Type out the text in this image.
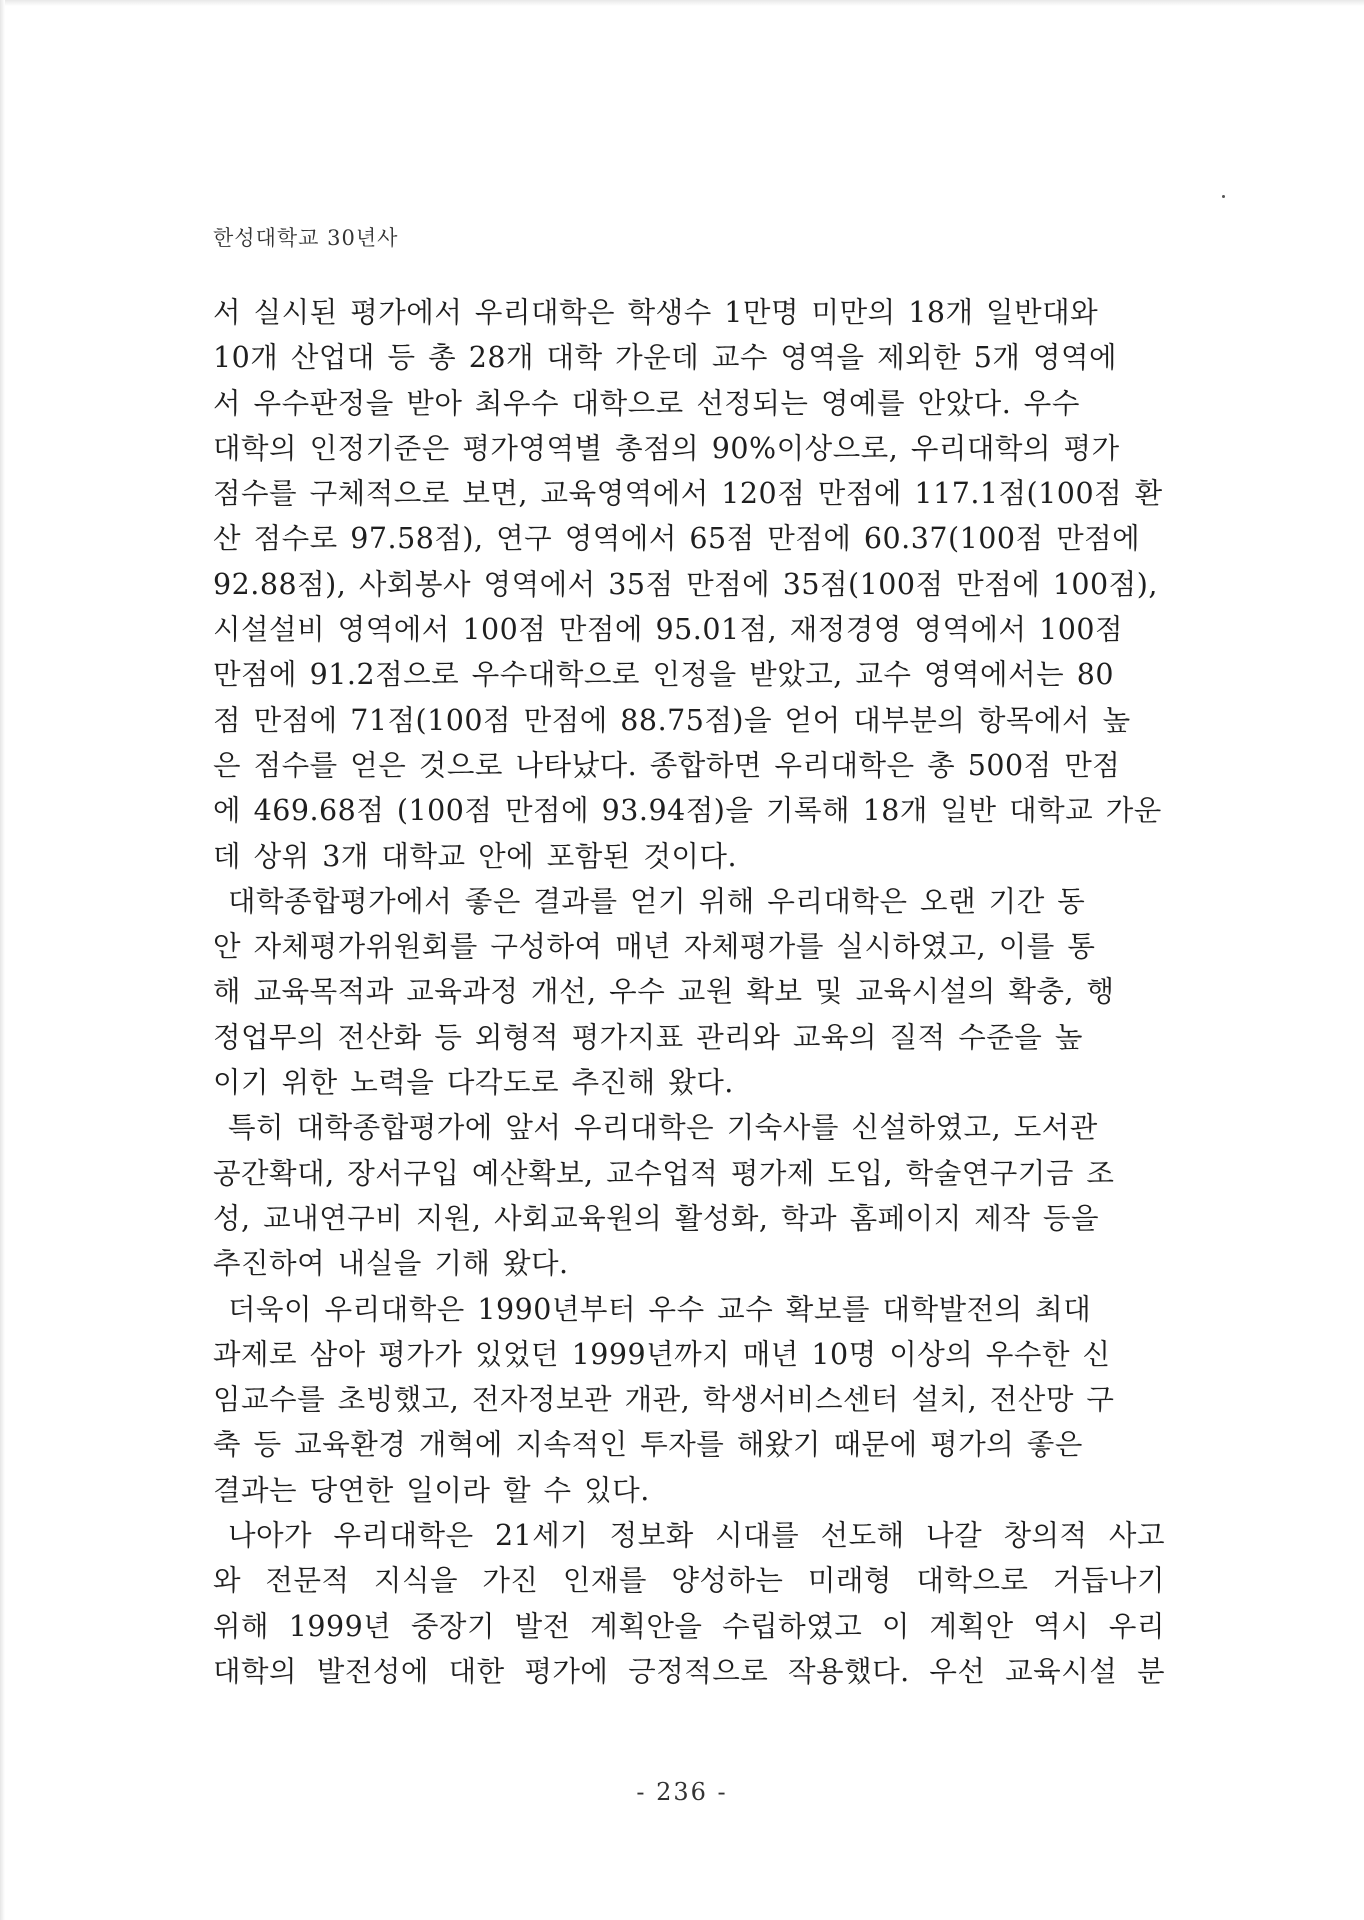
한성대학교 30년사

서 실시된 평가에서 우리대학은 학생수 1만명 미만의 18개 일반대와
10개 산업대 등 총 28개 대학 가운데 교수 영역을 제외한 5개 영역에
서 우수판정을 받아 최우수 대학으로 선정되는 영예를 안았다. 우수
대학의 인정기준은 평가영역별 총점의 90%이상으로, 우리대학의 평가
점수를 구체적으로 보면, 교육영역에서 120점 만점에 117.1점(100점 환
산 점수로 97.58점), 연구 영역에서 65점 만점에 60.37(100점 만점에
92.88점), 사회봉사 영역에서 35점 만점에 35점(100점 만점에 100점),
시설설비 영역에서 100점 만점에 95.01점, 재정경영 영역에서 100점
만점에 91.2점으로 우수대학으로 인정을 받았고, 교수 영역에서는 80
점 만점에 71점(100점 만점에 88.75점)을 얻어 대부분의 항목에서 높
은 점수를 얻은 것으로 나타났다. 종합하면 우리대학은 총 500점 만점
에 469.68점 (100점 만점에 93.94점)을 기록해 18개 일반 대학교 가운
데 상위 3개 대학교 안에 포함된 것이다.

대학종합평가에서 좋은 결과를 얻기 위해 우리대학은 오랜 기간 동
안 자체평가위원회를 구성하여 매년 자체평가를 실시하였고, 이를 통
해 교육목적과 교육과정 개선, 우수 교원 확보 및 교육시설의 확충, 행
정업무의 전산화 등 외형적 평가지표 관리와 교육의 질적 수준을 높
이기 위한 노력을 다각도로 추진해 왔다.

특히 대학종합평가에 앞서 우리대학은 기숙사를 신설하였고, 도서관
공간확대, 장서구입 예산확보, 교수업적 평가제 도입, 학술연구기금 조
성, 교내연구비 지원, 사회교육원의 활성화, 학과 홈페이지 제작 등을
추진하여 내실을 기해 왔다.

더욱이 우리대학은 1990년부터 우수 교수 확보를 대학발전의 최대
과제로 삼아 평가가 있었던 1999년까지 매년 10명 이상의 우수한 신
임교수를 초빙했고, 전자정보관 개관, 학생서비스센터 설치, 전산망 구
축 등 교육환경 개혁에 지속적인 투자를 해왔기 때문에 평가의 좋은
결과는 당연한 일이라 할 수 있다.

나아가 우리대학은 21세기 정보화 시대를 선도해 나갈 창의적 사고
와 전문적 지식을 가진 인재를 양성하는 미래형 대학으로 거듭나기
위해 1999년 중장기 발전 계획안을 수립하였고 이 계획안 역시 우리
대학의 발전성에 대한 평가에 긍정적으로 작용했다. 우선 교육시설 분

- 236 -
